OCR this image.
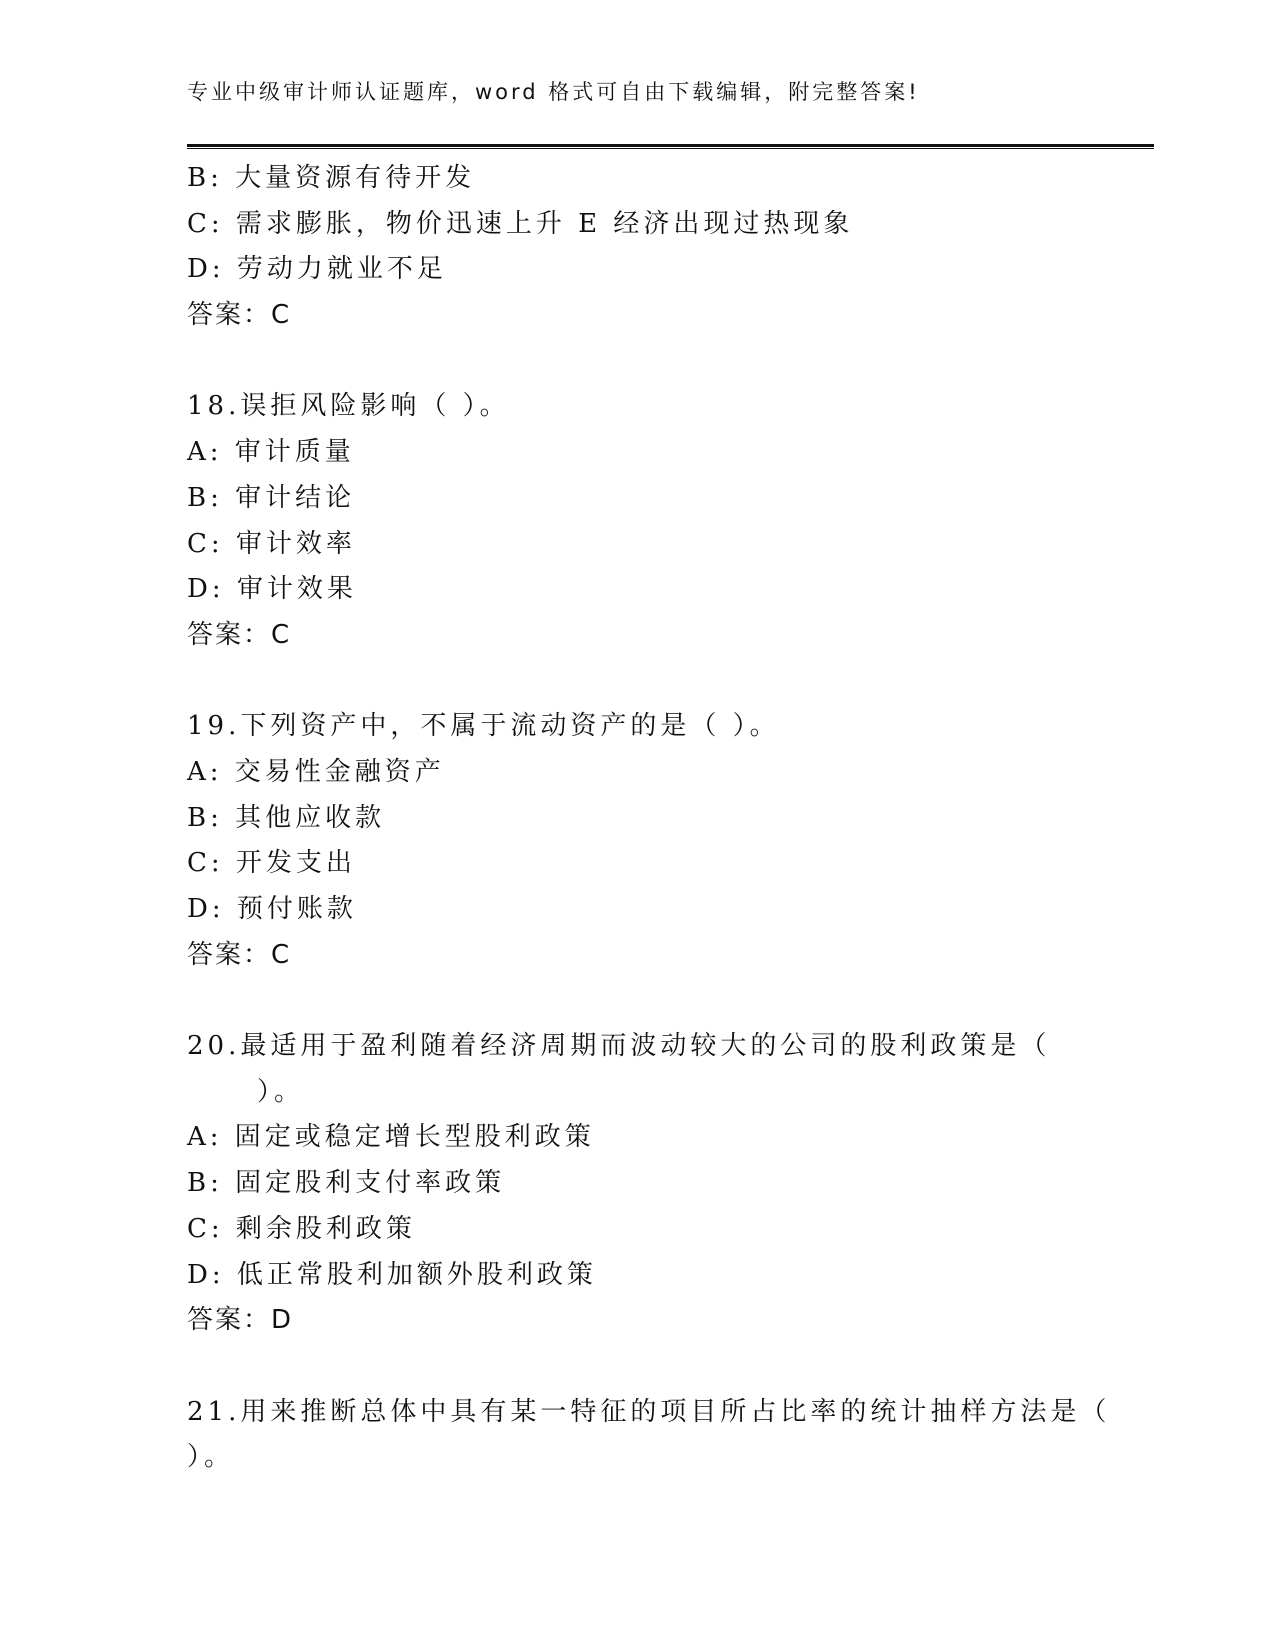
专业中级审计师认证题库，word 格式可自由下载编辑，附完整答案!
B: 大量资源有待开发
C: 需求膨胀，物价迅速上升 E 经济出现过热现象
D: 劳动力就业不足
答案：C
18.误拒风险影响（ ）。
A: 审计质量
B: 审计结论
C: 审计效率
D: 审计效果
答案：C
19.下列资产中，不属于流动资产的是（ ）。
A: 交易性金融资产
B: 其他应收款
C: 开发支出
D: 预付账款
答案：C
20.最适用于盈利随着经济周期而波动较大的公司的股利政策是（
）。
A: 固定或稳定增长型股利政策
B: 固定股利支付率政策
C: 剩余股利政策
D: 低正常股利加额外股利政策
答案：D
21.用来推断总体中具有某一特征的项目所占比率的统计抽样方法是（
）。
